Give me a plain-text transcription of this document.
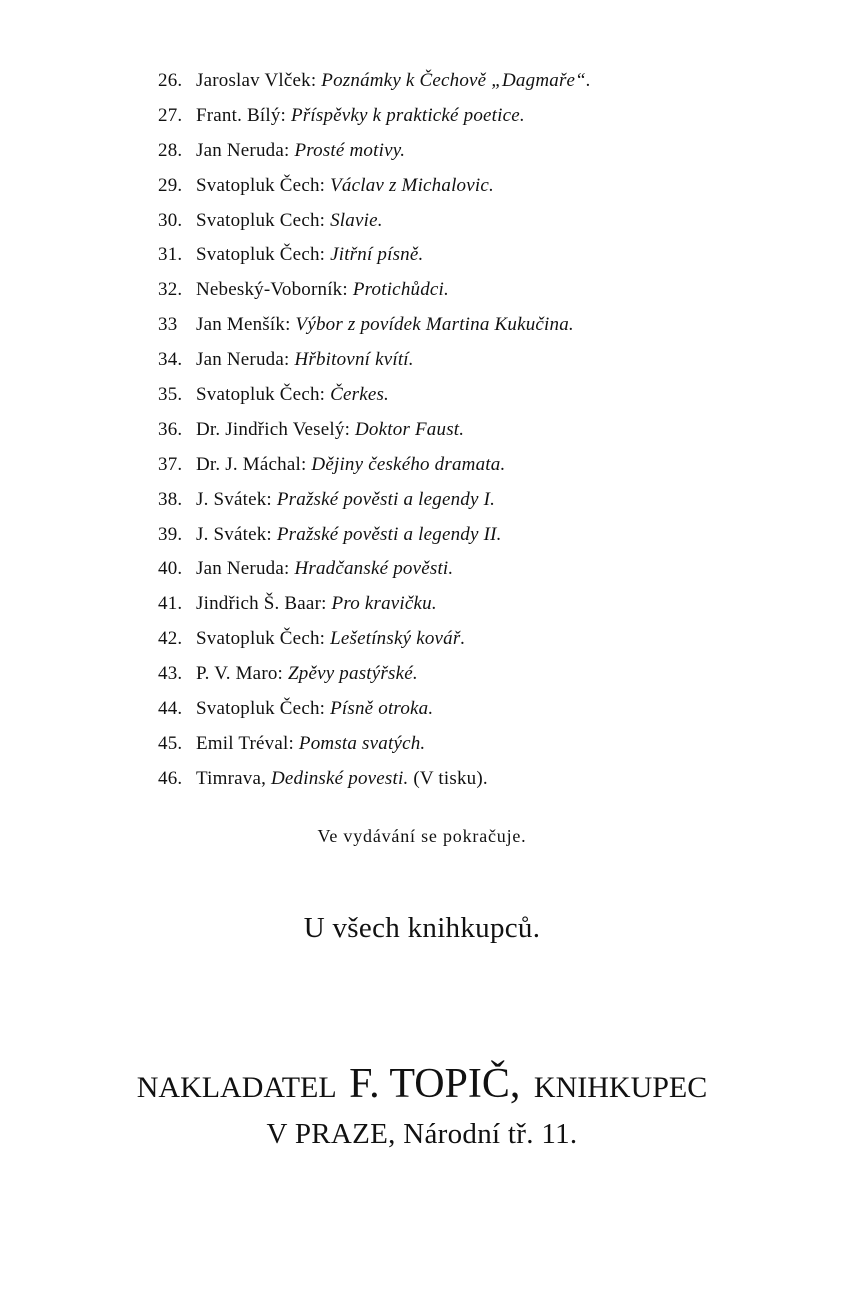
26. Jaroslav Vlček: Poznámky k Čechově „Dagmaře“.
27. Frant. Bílý: Příspěvky k praktické poetice.
28. Jan Neruda: Prosté motivy.
29. Svatopluk Čech: Václav z Michalovic.
30. Svatopluk Cech: Slavie.
31. Svatopluk Čech: Jitřní písně.
32. Nebeský-Voborník: Protichůdci.
33 Jan Menšík: Výbor z povídek Martina Kukučina.
34. Jan Neruda: Hřbitovní kvítí.
35. Svatopluk Čech: Čerkes.
36. Dr. Jindřich Veselý: Doktor Faust.
37. Dr. J. Máchal: Dějiny českého dramata.
38. J. Svátek: Pražské pověsti a legendy I.
39. J. Svátek: Pražské pověsti a legendy II.
40. Jan Neruda: Hradčanské pověsti.
41. Jindřich Š. Baar: Pro kravičku.
42. Svatopluk Čech: Lešetínský kovář.
43. P. V. Maro: Zpěvy pastýřské.
44. Svatopluk Čech: Písně otroka.
45. Emil Tréval: Pomsta svatých.
46. Timrava, Dedinské povesti. (V tisku).
Ve vydávání se pokračuje.
U všech knihkupců.
NAKLADATEL F. TOPIČ, KNIHKUPEC
V PRAZE, Národní tř. 11.
